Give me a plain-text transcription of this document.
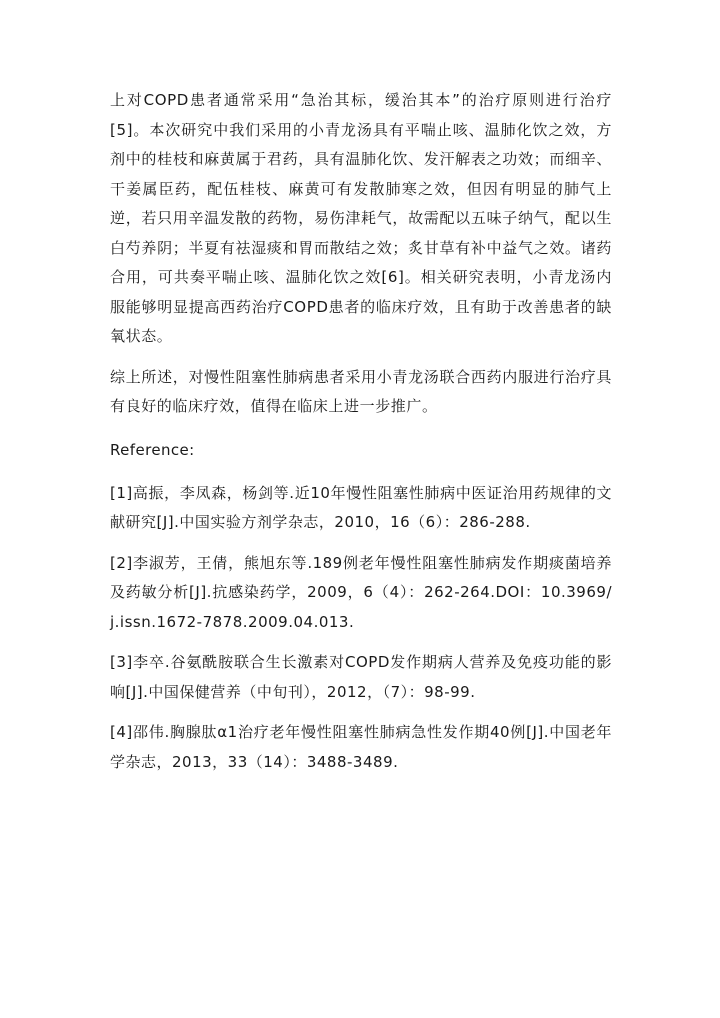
上对COPD患者通常采用“急治其标，缓治其本”的治疗原则进行治疗[5]。本次研究中我们采用的小青龙汤具有平喘止咳、温肺化饮之效，方剂中的桂枝和麻黄属于君药，具有温肺化饮、发汗解表之功效；而细辛、干姜属臣药，配伍桂枝、麻黄可有发散肺寒之效，但因有明显的肺气上逆，若只用辛温发散的药物，易伤津耗气，故需配以五味子纳气，配以生白芍养阴；半夏有祛湿痰和胃而散结之效；炙甘草有补中益气之效。诸药合用，可共奏平喘止咳、温肺化饮之效[6]。相关研究表明，小青龙汤内服能够明显提高西药治疗COPD患者的临床疗效，且有助于改善患者的缺氧状态。

综上所述，对慢性阻塞性肺病患者采用小青龙汤联合西药内服进行治疗具有良好的临床疗效，值得在临床上进一步推广。

Reference:
[1]高振，李凤森，杨剑等.近10年慢性阻塞性肺病中医证治用药规律的文献研究[J].中国实验方剂学杂志，2010，16（6）：286-288.
[2]李淑芳，王倩，熊旭东等.189例老年慢性阻塞性肺病发作期痰菌培养及药敏分析[J].抗感染药学，2009，6（4）：262-264.DOI：10.3969/j.issn.1672-7878.2009.04.013.
[3]李卒.谷氨酰胺联合生长激素对COPD发作期病人营养及免疫功能的影响[J].中国保健营养（中旬刊），2012，（7）：98-99.
[4]邵伟.胸腺肽α1治疗老年慢性阻塞性肺病急性发作期40例[J].中国老年学杂志，2013，33（14）：3488-3489.
